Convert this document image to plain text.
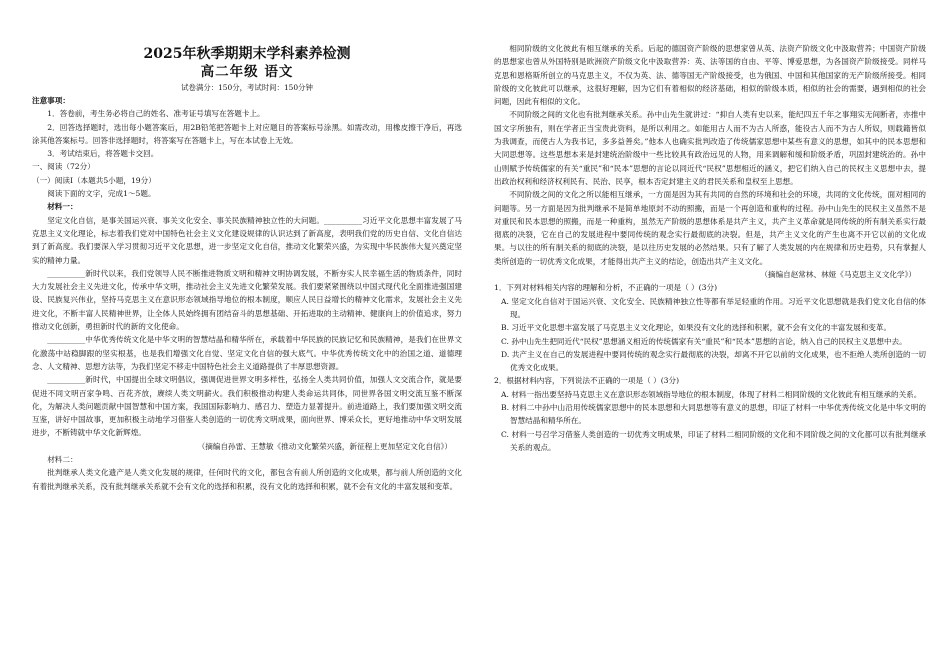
2025年秋季期期末学科素养检测

高二年级 语文

试卷满分：150分，考试时间：150分钟

注意事项：

1．答卷前，考生务必将自己的姓名、准考证号填写在答题卡上。

2．回答选择题时，选出每小题答案后，用2B铅笔把答题卡上对应题目的答案标号涂黑。如需改动，用橡皮擦干净后，再选涂其他答案标号。回答非选择题时，将答案写在答题卡上，写在本试卷上无效。

3．考试结束后，将答题卡交回。

一、阅读（72分）

（一）阅读Ⅰ（本题共5小题，19分）

阅读下面的文字，完成1～5题。

材料一：

坚定文化自信，是事关国运兴衰、事关文化安全、事关民族精神独立性的大问题。__________习近平文化思想丰富发展了马克思主义文化理论，标志着我们党对中国特色社会主义文化建设规律的认识达到了新高度，表明我们党的历史自信、文化自信达到了新高度。我们要深入学习贯彻习近平文化思想，进一步坚定文化自信，推动文化繁荣兴盛，为实现中华民族伟大复兴奠定坚实的精神力量。

__________新时代以来，我们党领导人民不断推进物质文明和精神文明协调发展，不断夯实人民幸福生活的物质条件，同时大力发展社会主义先进文化，传承中华文明，推动社会主义先进文化繁荣发展。我们要紧紧围绕以中国式现代化全面推进强国建设、民族复兴伟业，坚持马克思主义在意识形态领域指导地位的根本制度，顺应人民日益增长的精神文化需求，发展社会主义先进文化，不断丰富人民精神世界，让全体人民始终拥有团结奋斗的思想基础、开拓进取的主动精神、健康向上的价值追求，努力推动文化创新，勇担新时代的新的文化使命。

__________中华优秀传统文化是中华文明的智慧结晶和精华所在，承载着中华民族的民族记忆和民族精神，是我们在世界文化激荡中站稳脚跟的坚实根基，也是我们增强文化自觉、坚定文化自信的强大底气。中华优秀传统文化中的治国之道、道德理念、人文精神、思想方法等，为我们坚定不移走中国特色社会主义道路提供了丰厚思想资源。

__________新时代，中国提出全球文明倡议，强调促进世界文明多样性，弘扬全人类共同价值，加强人文交流合作，就是要促进不同文明百家争鸣、百花齐放，赓续人类文明薪火。我们积极推动构建人类命运共同体，同世界各国文明交流互鉴不断深化，为解决人类问题贡献中国智慧和中国方案，我国国际影响力、感召力、塑造力显著提升。前进道路上，我们要加强文明交流互鉴，讲好中国故事，更加积极主动地学习借鉴人类创造的一切优秀文明成果，面向世界、博采众长，更好地推动中华文明发展进步，不断铸就中华文化新辉煌。

（摘编自孙雷、王慧敏《推动文化繁荣兴盛，新征程上更加坚定文化自信》）

材料二：

批判继承人类文化遗产是人类文化发展的规律，任何时代的文化，都包含有前人所创造的文化成果，都与前人所创造的文化有着批判继承关系，没有批判继承关系就不会有文化的选择和积累，没有文化的选择和积累，就不会有文化的丰富发展和变革。

相同阶级的文化彼此有相互继承的关系。后起的德国资产阶级的思想家曾从英、法资产阶级文化中汲取营养；中国资产阶级的思想家也曾从外国特别是欧洲资产阶级文化中汲取营养：英、法等国的自由、平等、博爱思想，为各国资产阶级接受。同样马克思和恩格斯所创立的马克思主义，不仅为英、法、德等国无产阶级接受，也为俄国、中国和其他国家的无产阶级所接受。相同阶级的文化彼此可以继承，这很好理解，因为它们有着相似的经济基础，相似的阶级本质，相似的社会的需要，遇到相似的社会问题，因此有相似的文化。

不同阶级之间的文化也有批判继承关系。孙中山先生就讲过：“抑自人类有史以来，能纪四五千年之事翔实无间断者，亦推中国文字所独有，则在学者正当宝贵此资料，是所以利用之。如能用古人而不为古人所惑，能役古人而不为古人所奴，则载籍皆似为我调查，而使古人为我书记，多多益善矣。”他本人也确实批判改造了传统儒家思想中某些有意义的思想，如其中的民本思想和大同思想等。这些思想本来是封建统治阶级中一些比较具有政治远见的人物，用来调解和缓和阶级矛盾，巩固封建统治的。孙中山则赋予传统儒家的有关“重民”和“民本”思想的言论以同近代“民权”思想相近的涵义，把它们纳入自己的民权主义思想中去，提出政治权利和经济权利民有、民治、民享，根本否定封建主义的君民关系和皇权至上思想。

不同阶级之间的文化之所以能相互继承，一方面是因为其有共同的自然的环境和社会的环境，共同的文化传统，面对相同的问题等。另一方面是因为批判继承不是简单地原封不动的照搬，而是一个再创造和重构的过程。孙中山先生的民权主义虽然不是对重民和民本思想的照搬，而是一种重构，虽然无产阶级的思想体系是共产主义，共产主义革命就是同传统的所有制关系实行最彻底的决裂，它在自己的发展进程中要同传统的观念实行最彻底的决裂。但是，共产主义文化的产生也离不开它以前的文化成果。与以往的所有制关系的彻底的决裂，是以往历史发展的必然结果。只有了解了人类发展的内在规律和历史趋势，只有掌握人类所创造的一切优秀文化成果，才能得出共产主义的结论，创造出共产主义文化。

（摘编自赵常林、林娅《马克思主义文化学》）

1．下列对材料相关内容的理解和分析，不正确的一项是（ ）(3分)

A. 坚定文化自信对于国运兴衰、文化安全、民族精神独立性等都有举足轻重的作用。习近平文化思想就是我们党文化自信的体现。

B. 习近平文化思想丰富发展了马克思主义文化理论，如果没有文化的选择和积累，就不会有文化的丰富发展和变革。

C. 孙中山先生把同近代“民权”思想涵义相近的传统儒家有关“重民”和“民本”思想的言论，纳入自己的民权主义思想中去。

D. 共产主义在自己的发展进程中要同传统的观念实行最彻底的决裂，却离不开它以前的文化成果，也不拒绝人类所创造的一切优秀文化成果。

2．根据材料内容，下列说法不正确的一项是（ ）(3分)

A. 材料一指出要坚持马克思主义在意识形态领域指导地位的根本制度，体现了材料二相同阶级的文化彼此有相互继承的关系。

B. 材料二中孙中山沿用传统儒家思想中的民本思想和大同思想等有意义的思想，印证了材料一中华优秀传统文化是中华文明的智慧结晶和精华所在。

C. 材料一号召学习借鉴人类创造的一切优秀文明成果，印证了材料二相同阶级的文化和不同阶级之间的文化都可以有批判继承关系的观点。
